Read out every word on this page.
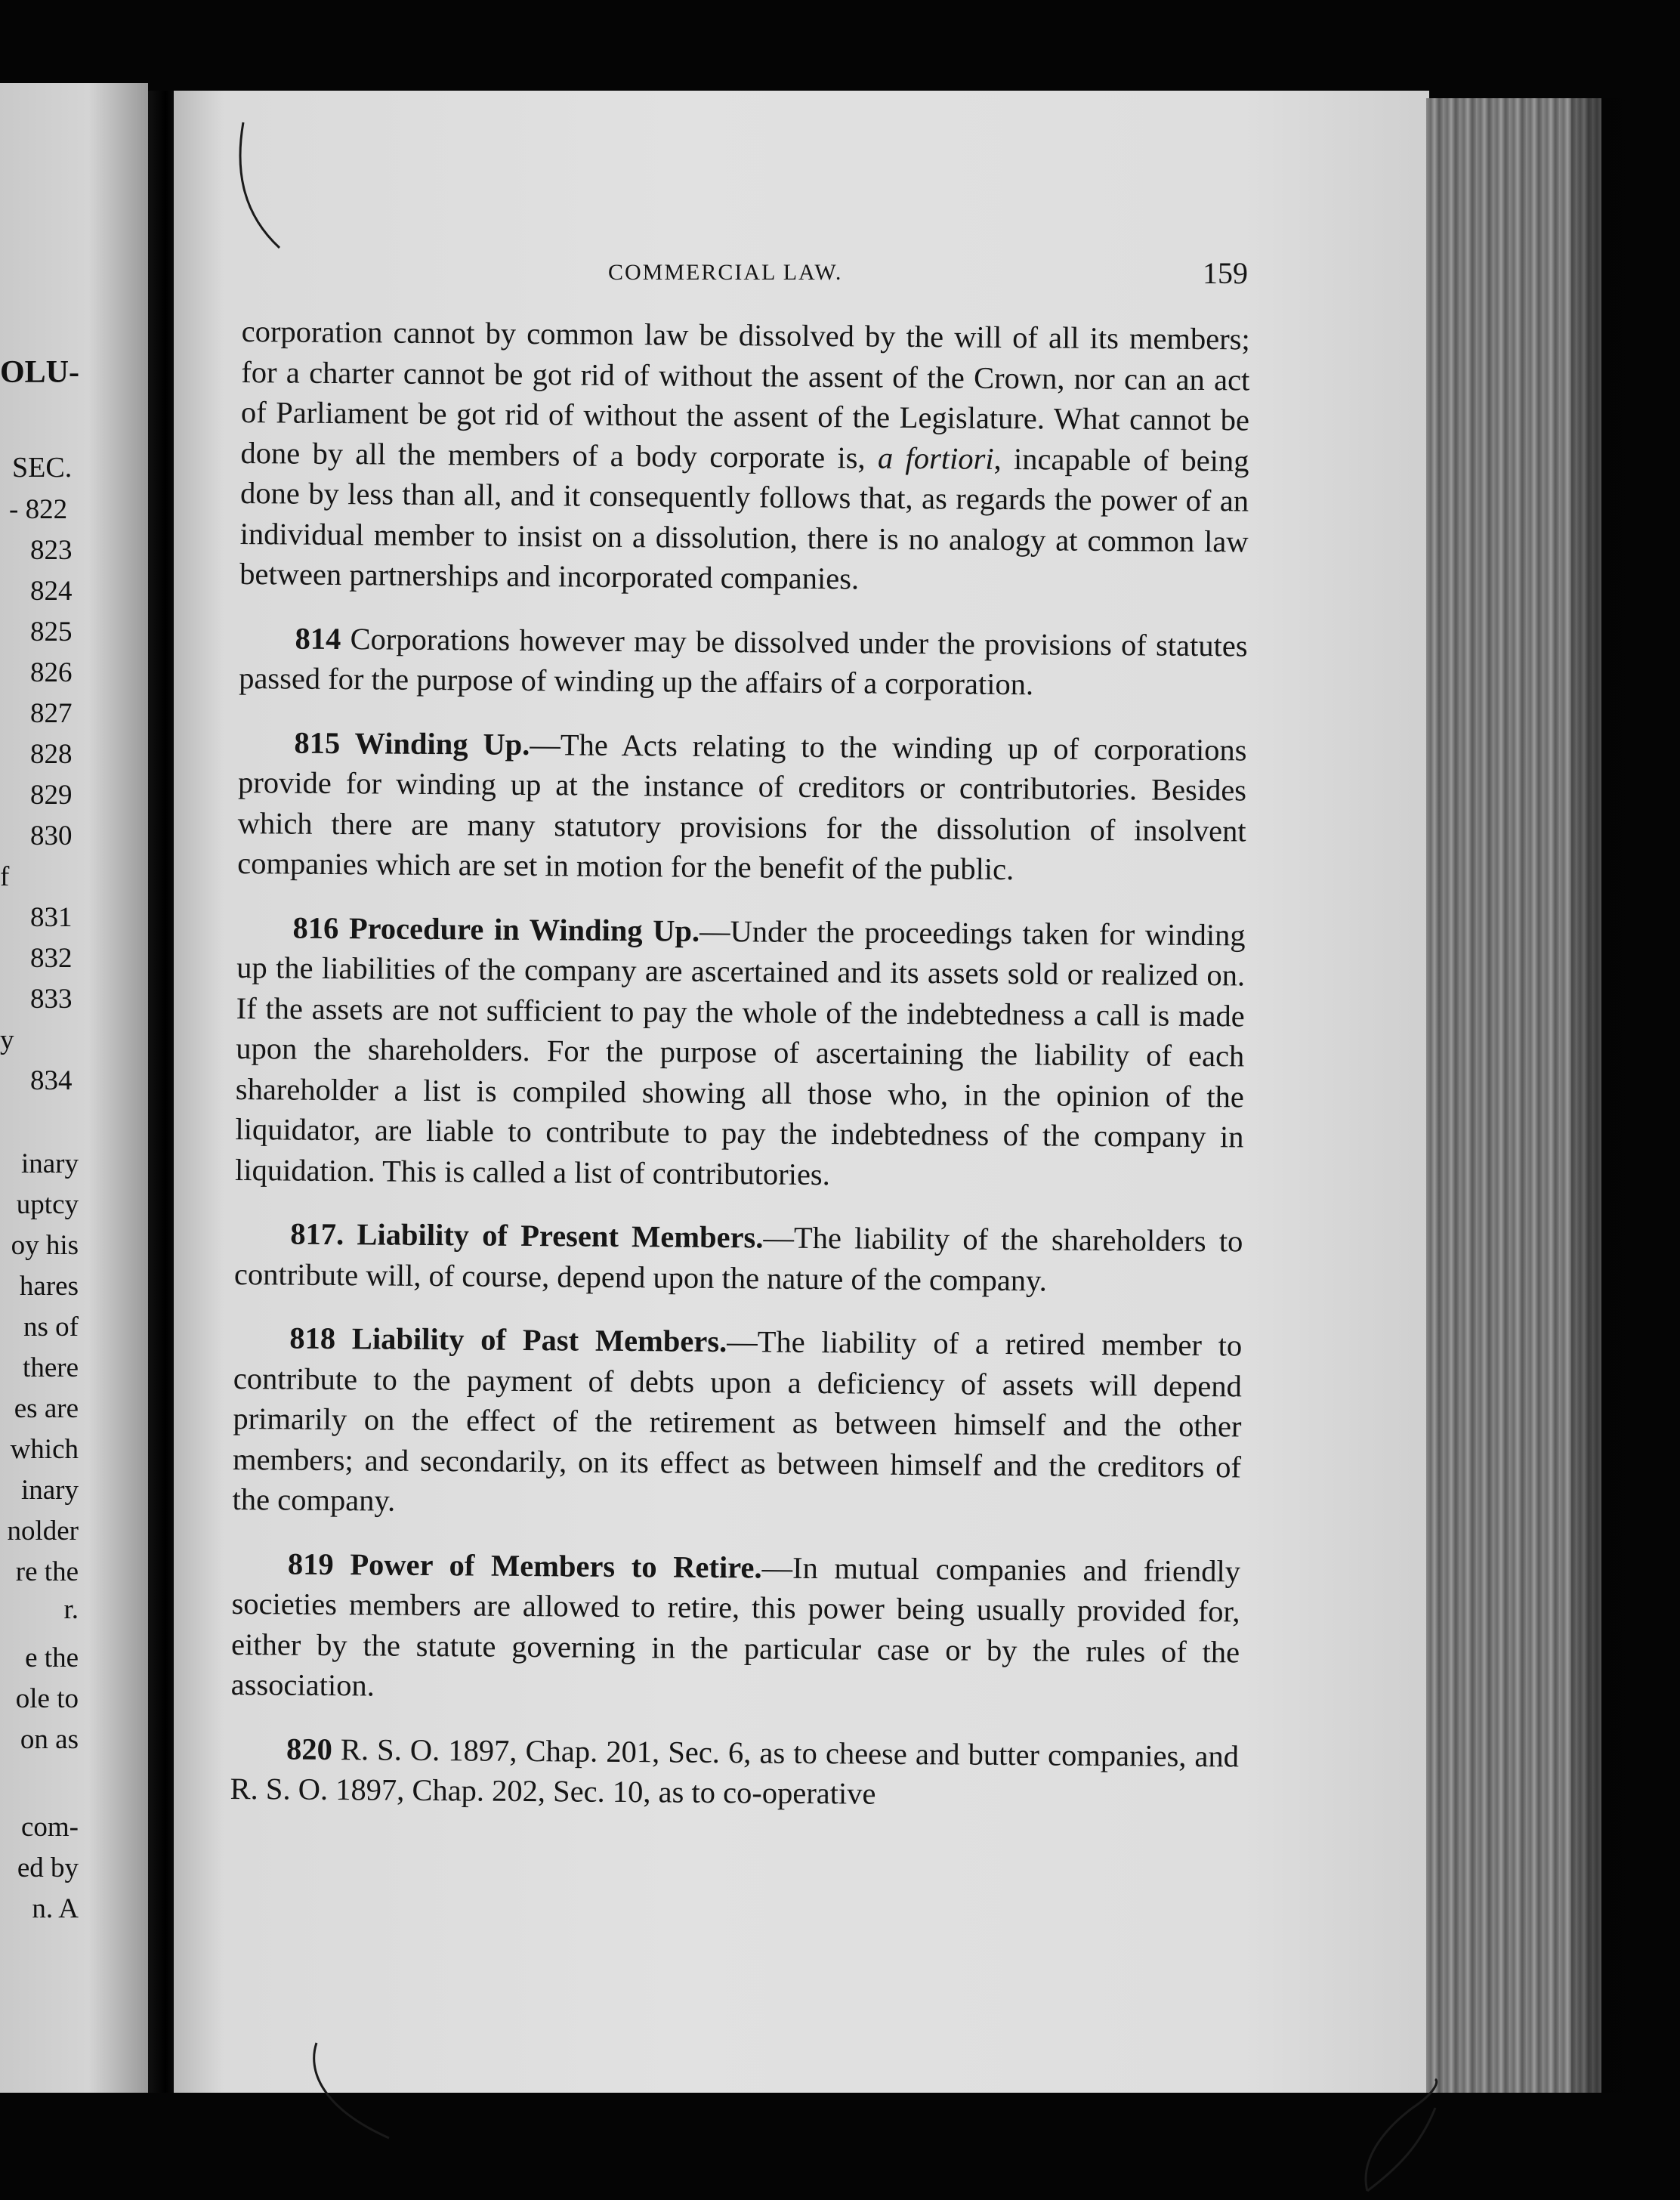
OLU-
SEC.
- 822
823
824
825
826
827
828
829
830
831
832
833
834
f
y
inary
uptcy
oy his
hares
ns of
there
es are
which
inary
nolder
re the
r.
e the
ole to
on as
com-
ed by
n. A
COMMERCIAL LAW.	159

corporation cannot by common law be dissolved by the will of all its members; for a charter cannot be got rid of without the assent of the Crown, nor can an act of Parliament be got rid of without the assent of the Legislature. What cannot be done by all the members of a body corporate is, a fortiori, incapable of being done by less than all, and it consequently follows that, as regards the power of an individual member to insist on a dissolution, there is no analogy at common law between partnerships and incorporated companies.

814 Corporations however may be dissolved under the provisions of statutes passed for the purpose of winding up the affairs of a corporation.

815 Winding Up.—The Acts relating to the winding up of corporations provide for winding up at the instance of creditors or contributories. Besides which there are many statutory provisions for the dissolution of insolvent companies which are set in motion for the benefit of the public.

816 Procedure in Winding Up.—Under the proceedings taken for winding up the liabilities of the company are ascertained and its assets sold or realized on. If the assets are not sufficient to pay the whole of the indebtedness a call is made upon the shareholders. For the purpose of ascertaining the liability of each shareholder a list is compiled showing all those who, in the opinion of the liquidator, are liable to contribute to pay the indebtedness of the company in liquidation. This is called a list of contributories.

817. Liability of Present Members.—The liability of the shareholders to contribute will, of course, depend upon the nature of the company.

818 Liability of Past Members.—The liability of a retired member to contribute to the payment of debts upon a deficiency of assets will depend primarily on the effect of the retirement as between himself and the other members; and secondarily, on its effect as between himself and the creditors of the company.

819 Power of Members to Retire.—In mutual companies and friendly societies members are allowed to retire, this power being usually provided for, either by the statute governing in the particular case or by the rules of the association.

820 R. S. O. 1897, Chap. 201, Sec. 6, as to cheese and butter companies, and R. S. O. 1897, Chap. 202, Sec. 10, as to co-operative
